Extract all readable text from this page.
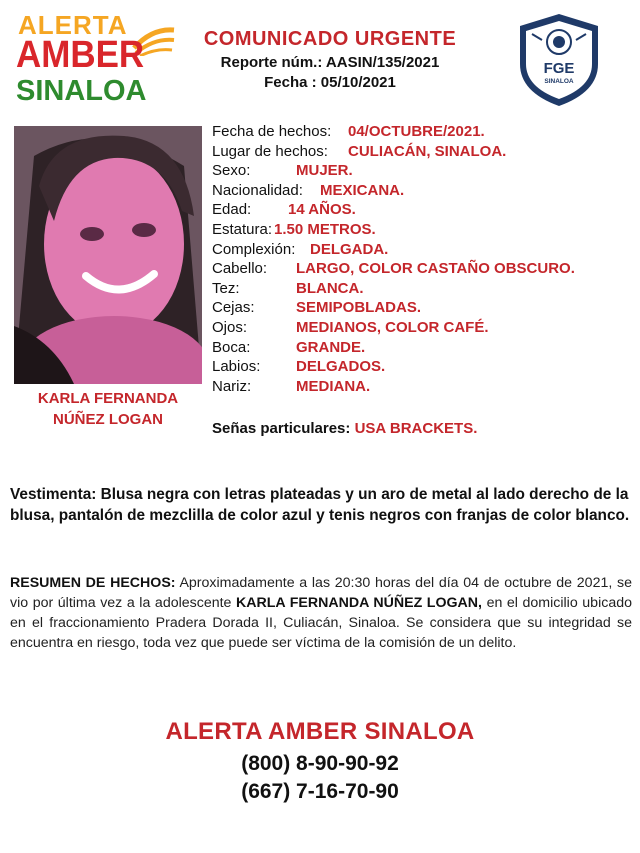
ALERTA
AMBER
SINALOA
COMUNICADO URGENTE
Reporte núm.: AASIN/135/2021
Fecha : 05/10/2021
FGE
SINALOA
KARLA FERNANDA
NÚÑEZ LOGAN
Fecha de hechos: 04/OCTUBRE/2021.
Lugar de hechos: CULIACÁN, SINALOA.
Sexo:	MUJER.
Nacionalidad: MEXICANA.
Edad: 14 AÑOS.
Estatura: 1.50 METROS.
Complexión: DELGADA.
Cabello: LARGO, COLOR CASTAÑO OBSCURO.
Tez:	BLANCA.
Cejas:	SEMIPOBLADAS.
Ojos:	MEDIANOS, COLOR CAFÉ.
Boca:	GRANDE.
Labios: DELGADOS.
Nariz:	MEDIANA.
Señas particulares: USA BRACKETS.
Vestimenta: Blusa negra con letras plateadas y un aro de metal al lado derecho de la blusa, pantalón de mezclilla de color azul y tenis negros con franjas de color blanco.
RESUMEN DE HECHOS: Aproximadamente a las 20:30 horas del día 04 de octubre de 2021, se vio por última vez a la adolescente KARLA FERNANDA NÚÑEZ LOGAN, en el domicilio ubicado en el fraccionamiento Pradera Dorada II, Culiacán, Sinaloa. Se considera que su integridad se encuentra en riesgo, toda vez que puede ser víctima de la comisión de un delito.
ALERTA AMBER SINALOA
(800) 8-90-90-92
(667) 7-16-70-90
